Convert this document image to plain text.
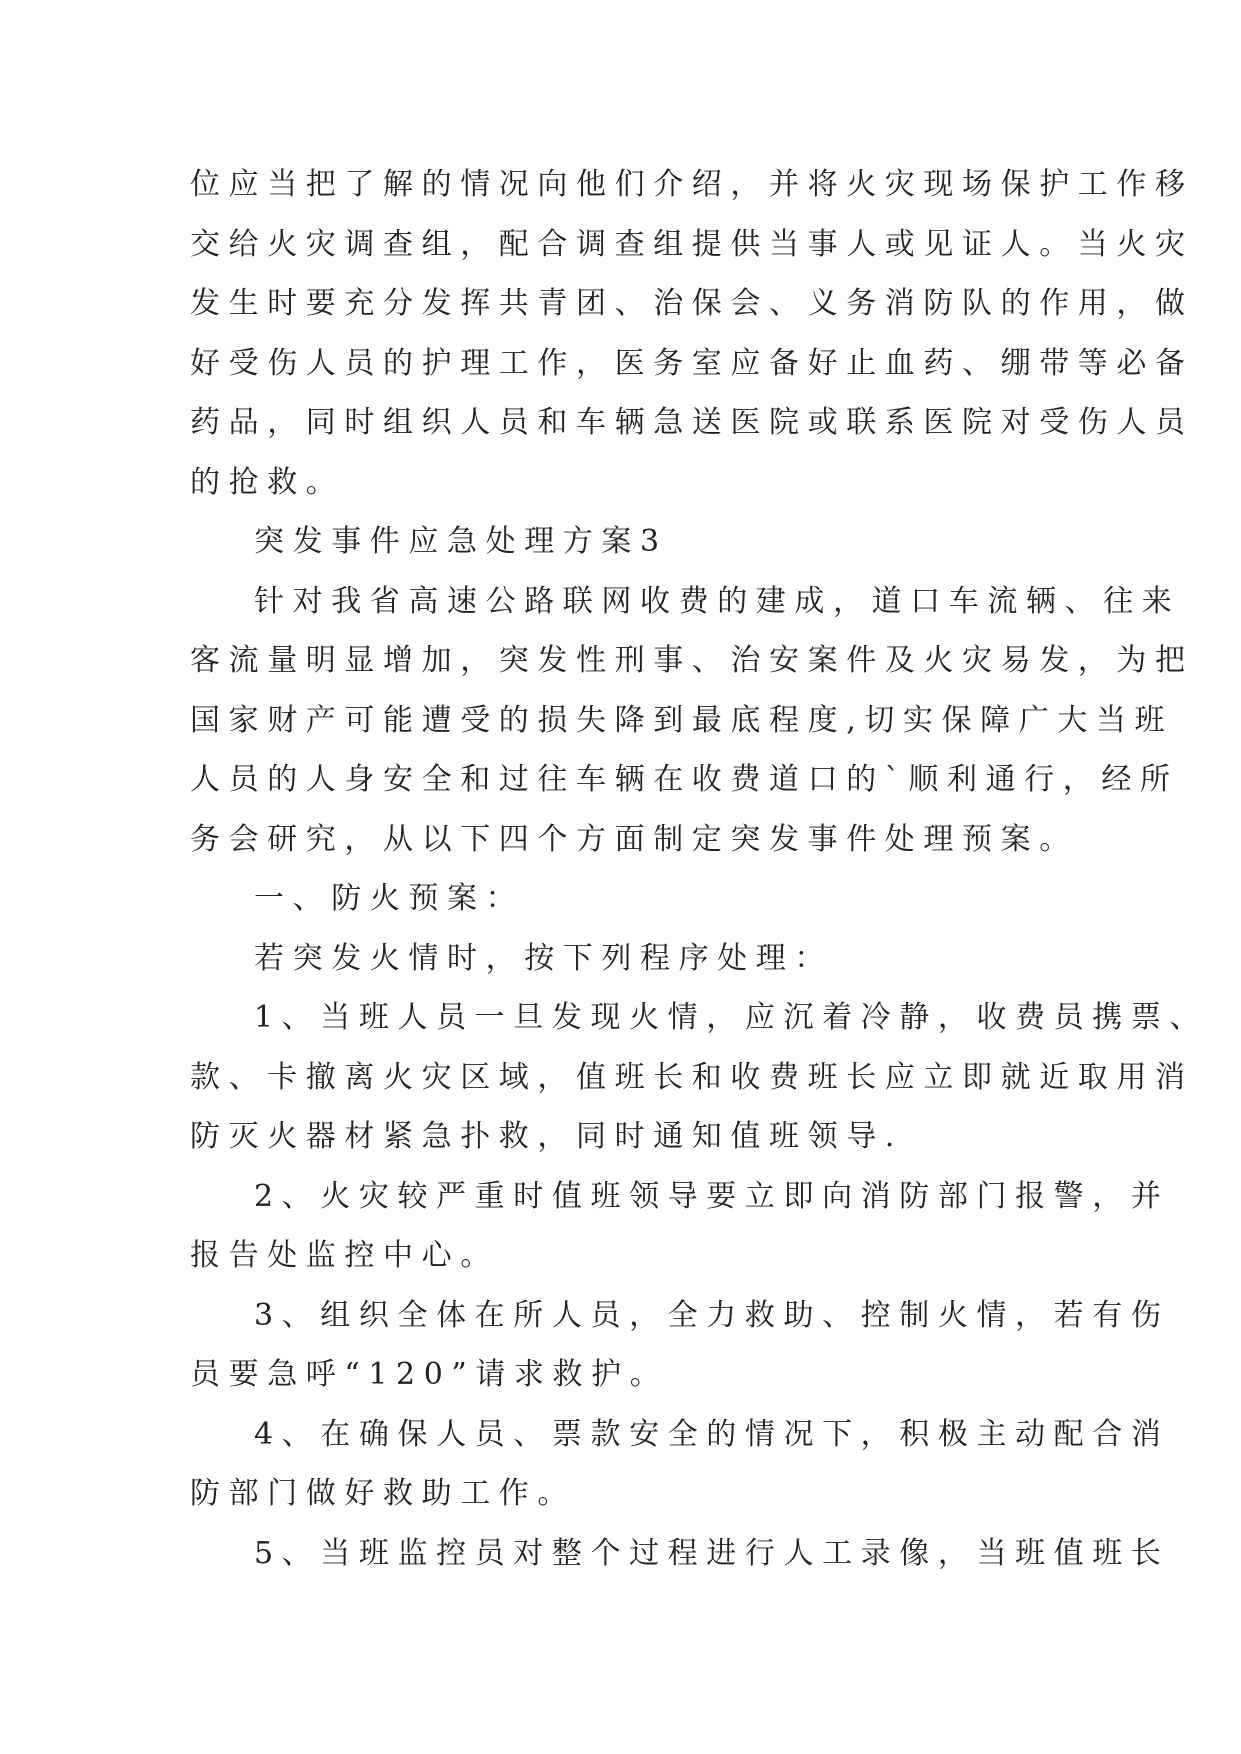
位应当把了解的情况向他们介绍，并将火灾现场保护工作移
交给火灾调查组，配合调查组提供当事人或见证人。当火灾
发生时要充分发挥共青团、治保会、义务消防队的作用，做
好受伤人员的护理工作，医务室应备好止血药、绷带等必备
药品，同时组织人员和车辆急送医院或联系医院对受伤人员
的抢救。
突发事件应急处理方案3
针对我省高速公路联网收费的建成，道口车流辆、往来
客流量明显增加，突发性刑事、治安案件及火灾易发，为把
国家财产可能遭受的损失降到最底程度,切实保障广大当班
人员的人身安全和过往车辆在收费道口的`顺利通行，经所
务会研究，从以下四个方面制定突发事件处理预案。
一、防火预案：
若突发火情时，按下列程序处理：
1、当班人员一旦发现火情，应沉着冷静，收费员携票、
款、卡撤离火灾区域，值班长和收费班长应立即就近取用消
防灭火器材紧急扑救，同时通知值班领导.
2、火灾较严重时值班领导要立即向消防部门报警，并
报告处监控中心。
3、组织全体在所人员，全力救助、控制火情，若有伤
员要急呼“120”请求救护。
4、在确保人员、票款安全的情况下，积极主动配合消
防部门做好救助工作。
5、当班监控员对整个过程进行人工录像，当班值班长
